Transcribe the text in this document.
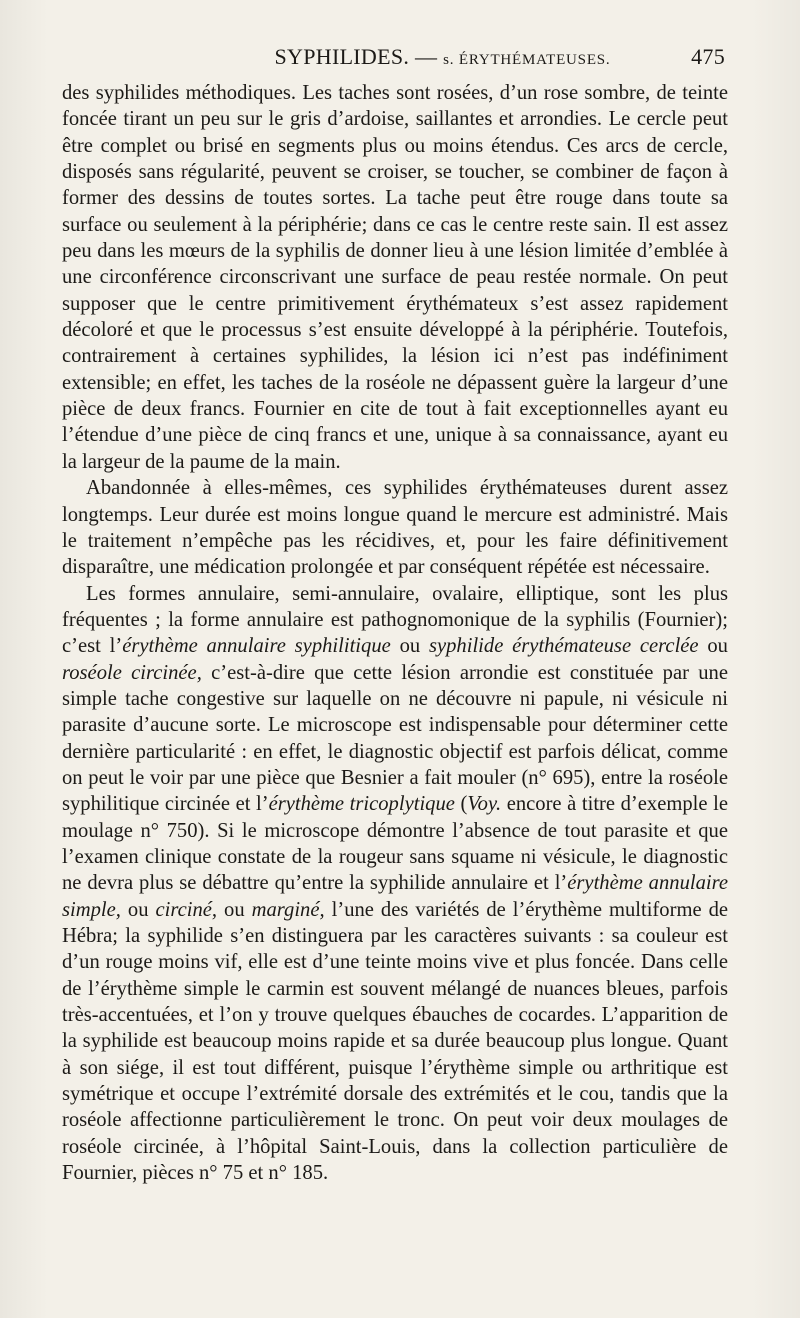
SYPHILIDES. — s. ÉRYTHÉMATEUSES.	475

des syphilides méthodiques. Les taches sont rosées, d’un rose sombre, de teinte foncée tirant un peu sur le gris d’ardoise, saillantes et arrondies. Le cercle peut être complet ou brisé en segments plus ou moins étendus. Ces arcs de cercle, disposés sans régularité, peuvent se croiser, se toucher, se combiner de façon à former des dessins de toutes sortes. La tache peut être rouge dans toute sa surface ou seulement à la périphérie; dans ce cas le centre reste sain. Il est assez peu dans les mœurs de la syphilis de donner lieu à une lésion limitée d’emblée à une circonférence circonscrivant une surface de peau restée normale. On peut supposer que le centre primitivement érythémateux s’est assez rapidement décoloré et que le processus s’est ensuite développé à la périphérie. Toutefois, contrairement à certaines syphilides, la lésion ici n’est pas indéfiniment extensible; en effet, les taches de la roséole ne dépassent guère la largeur d’une pièce de deux francs. Fournier en cite de tout à fait exceptionnelles ayant eu l’étendue d’une pièce de cinq francs et une, unique à sa connaissance, ayant eu la largeur de la paume de la main.

Abandonnée à elles-mêmes, ces syphilides érythémateuses durent assez longtemps. Leur durée est moins longue quand le mercure est administré. Mais le traitement n’empêche pas les récidives, et, pour les faire définitivement disparaître, une médication prolongée et par conséquent répétée est nécessaire.

Les formes annulaire, semi-annulaire, ovalaire, elliptique, sont les plus fréquentes ; la forme annulaire est pathognomonique de la syphilis (Fournier); c’est l’érythème annulaire syphilitique ou syphilide érythémateuse cerclée ou roséole circinée, c’est-à-dire que cette lésion arrondie est constituée par une simple tache congestive sur laquelle on ne découvre ni papule, ni vésicule ni parasite d’aucune sorte. Le microscope est indispensable pour déterminer cette dernière particularité : en effet, le diagnostic objectif est parfois délicat, comme on peut le voir par une pièce que Besnier a fait mouler (n° 695), entre la roséole syphilitique circinée et l’érythème tricoplytique (Voy. encore à titre d’exemple le moulage n° 750). Si le microscope démontre l’absence de tout parasite et que l’examen clinique constate de la rougeur sans squame ni vésicule, le diagnostic ne devra plus se débattre qu’entre la syphilide annulaire et l’érythème annulaire simple, ou circiné, ou marginé, l’une des variétés de l’érythème multiforme de Hébra; la syphilide s’en distinguera par les caractères suivants : sa couleur est d’un rouge moins vif, elle est d’une teinte moins vive et plus foncée. Dans celle de l’érythème simple le carmin est souvent mélangé de nuances bleues, parfois très-accentuées, et l’on y trouve quelques ébauches de cocardes. L’apparition de la syphilide est beaucoup moins rapide et sa durée beaucoup plus longue. Quant à son siége, il est tout différent, puisque l’érythème simple ou arthritique est symétrique et occupe l’extrémité dorsale des extrémités et le cou, tandis que la roséole affectionne particulièrement le tronc. On peut voir deux moulages de roséole circinée, à l’hôpital Saint-Louis, dans la collection particulière de Fournier, pièces n° 75 et n° 185.
